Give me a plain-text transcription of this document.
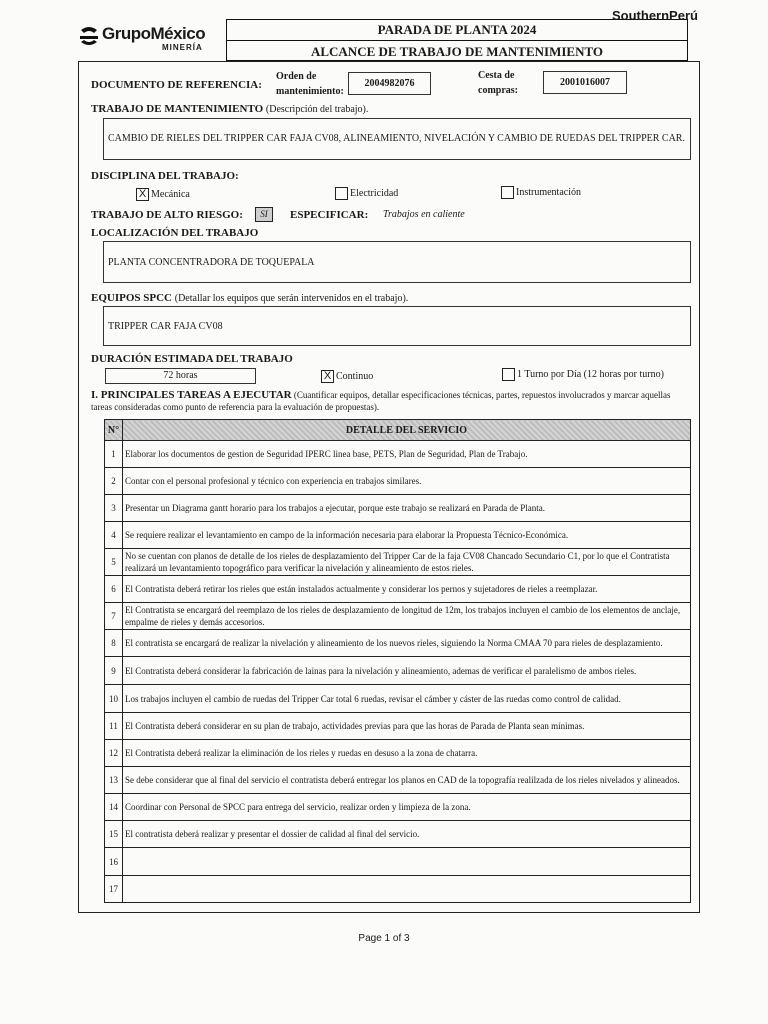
GrupoMéxico
MINERÍA
PARADA DE PLANTA 2024
ALCANCE DE TRABAJO DE MANTENIMIENTO
SouthernPerú
DOCUMENTO DE REFERENCIA:
Orden de
mantenimiento:
2004982076
Cesta de
compras:
2001016007
TRABAJO DE MANTENIMIENTO (Descripción del trabajo).
CAMBIO DE RIELES DEL TRIPPER CAR FAJA CV08, ALINEAMIENTO, NIVELACIÓN Y CAMBIO DE RUEDAS DEL TRIPPER CAR.
DISCIPLINA DEL TRABAJO:
X Mecánica	Electricidad	Instrumentación
TRABAJO DE ALTO RIESGO:	SI	ESPECIFICAR: Trabajos en caliente
LOCALIZACIÓN DEL TRABAJO
PLANTA CONCENTRADORA DE TOQUEPALA
EQUIPOS SPCC (Detallar los equipos que serán intervenidos en el trabajo).
TRIPPER CAR FAJA CV08
DURACIÓN ESTIMADA DEL TRABAJO
72 horas	X Continuo	1 Turno por Día (12 horas por turno)
I. PRINCIPALES TAREAS A EJECUTAR (Cuantificar equipos, detallar especificaciones técnicas, partes, repuestos involucrados y marcar aquellas tareas consideradas como punto de referencia para la evaluación de propuestas).
N°	DETALLE DEL SERVICIO
1	Elaborar los documentos de gestion de Seguridad IPERC linea base, PETS, Plan de Seguridad, Plan de Trabajo.
2	Contar con el personal profesional y técnico con experiencia en trabajos similares.
3	Presentar un Diagrama gantt horario para los trabajos a ejecutar, porque este trabajo se realizará en Parada de Planta.
4	Se requiere realizar el levantamiento en campo de la información necesaria para elaborar la Propuesta Técnico-Económica.
5	No se cuentan con planos de detalle de los rieles de desplazamiento del Tripper Car de la faja CV08 Chancado Secundario C1, por lo que el Contratista realizará un levantamiento topográfico para verificar la nivelación y alineamiento de estos rieles.
6	El Contratista deberá retirar los rieles que están instalados actualmente y considerar los pernos y sujetadores de rieles a reemplazar.
7	El Contratista se encargará del reemplazo de los rieles de desplazamiento de longitud de 12m, los trabajos incluyen el cambio de los elementos de anclaje, empalme de rieles y demás accesorios.
8	El contratista se encargará de realizar la nivelación y alineamiento de los nuevos rieles, siguiendo la Norma CMAA 70 para rieles de desplazamiento.
9	El Contratista deberá considerar la fabricación de lainas para la nivelación y alineamiento, ademas de verificar el paralelismo de ambos rieles.
10	Los trabajos incluyen el cambio de ruedas del Tripper Car total 6 ruedas, revisar el cámber y cáster de las ruedas como control de calidad.
11	El Contratista deberá considerar en su plan de trabajo, actividades previas para que las horas de Parada de Planta sean mínimas.
12	El Contratista deberá realizar la eliminación de los rieles y ruedas en desuso a la zona de chatarra.
13	Se debe considerar que al final del servicio el contratista deberá entregar los planos en CAD de la topografía realilzada de los rieles nivelados y alineados.
14	Coordinar con Personal de SPCC para entrega del servicio, realizar orden y limpieza de la zona.
15	El contratista deberá realizar y presentar el dossier de calidad al final del servicio.
16	
17	
Page 1 of 3
